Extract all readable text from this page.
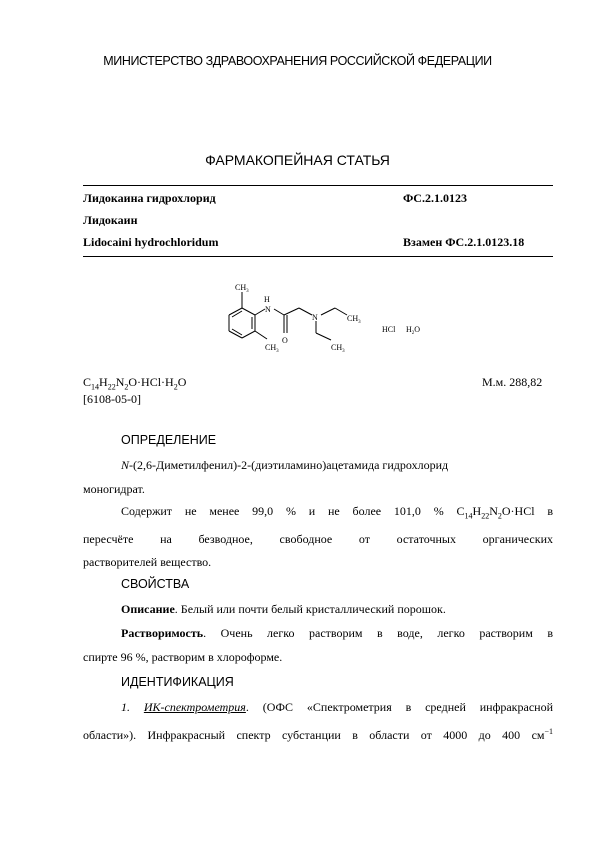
МИНИСТЕРСТВО ЗДРАВООХРАНЕНИЯ РОССИЙСКОЙ ФЕДЕРАЦИИ
ФАРМАКОПЕЙНАЯ СТАТЬЯ
Лидокаина гидрохлорид	ФС.2.1.0123
Лидокаин
Lidocaini hydrochloridum	Взамен ФС.2.1.0123.18
$CH_3$
H
N
O
N	$CH_3$
$CH_3$
$CH_3$
HCl $H_2O$
$C_{14}H_{22}N_2O\cdot HCl\cdot H_2O$	М.м. 288,82
[6108-05-0]
ОПРЕДЕЛЕНИЕ
N-(2,6-Диметилфенил)-2-(диэтиламино)ацетамида гидрохлорид
моногидрат.
Содержит не менее 99,0 % и не более 101,0 % $C_{14}H_{22}N_2O\cdot HCl$ в
пересчёте на безводное, свободное от остаточных органических
растворителей вещество.
СВОЙСТВА
Описание. Белый или почти белый кристаллический порошок.
Растворимость. Очень легко растворим в воде, легко растворим в
спирте 96 %, растворим в хлороформе.
ИДЕНТИФИКАЦИЯ
1. ИК-спектрометрия. (ОФС «Спектрометрия в средней инфракрасной
области»). Инфракрасный спектр субстанции в области от 4000 до 400 $см^{-1}$
